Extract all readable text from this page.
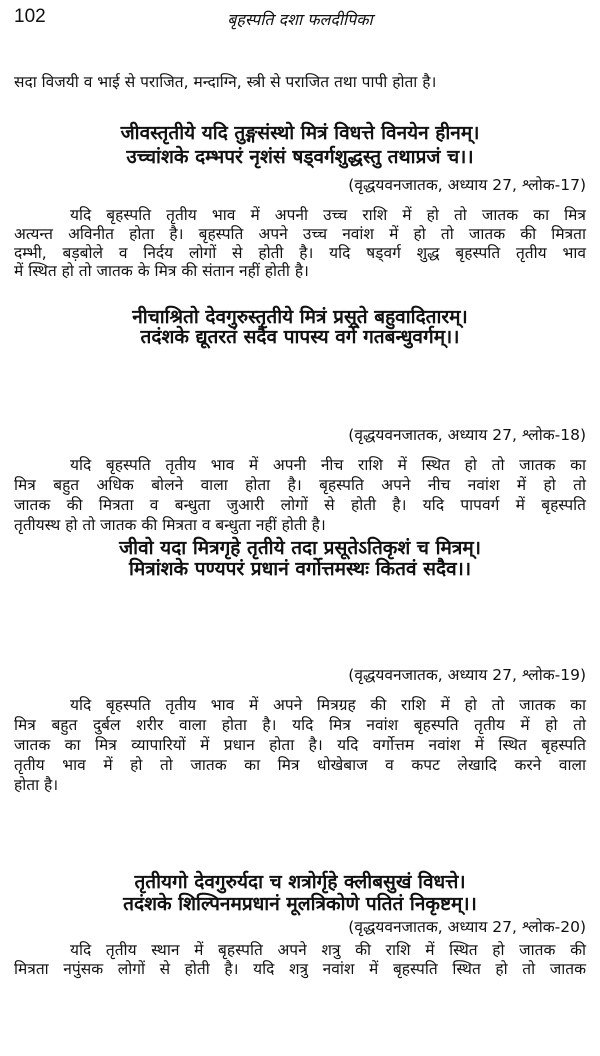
102	बृहस्पति दशा फलदीपिका
सदा विजयी व भाई से पराजित, मन्दाग्नि, स्त्री से पराजित तथा पापी होता है।
जीवस्तृतीये यदि तुङ्गसंस्थो मित्रं विधत्ते विनयेन हीनम्।
उच्चांशके दम्भपरं नृशंसं षड्वर्गशुद्धस्तु तथाप्रजं च।।
(वृद्धयवनजातक, अध्याय 27, श्लोक-17)
यदि बृहस्पति तृतीय भाव में अपनी उच्च राशि में हो तो जातक का मित्र
अत्यन्त अविनीत होता है। बृहस्पति अपने उच्च नवांश में हो तो जातक की मित्रता
दम्भी, बड़बोले व निर्दय लोगों से होती है। यदि षड्वर्ग शुद्ध बृहस्पति तृतीय भाव
में स्थित हो तो जातक के मित्र की संतान नहीं होती है।
नीचाश्रितो देवगुरुस्तृतीये मित्रं प्रसूते बहुवादितारम्।
तदंशके द्यूतरतं सदैव पापस्य वर्गे गतबन्धुवर्गम्।।
(वृद्धयवनजातक, अध्याय 27, श्लोक-18)
यदि बृहस्पति तृतीय भाव में अपनी नीच राशि में स्थित हो तो जातक का
मित्र बहुत अधिक बोलने वाला होता है। बृहस्पति अपने नीच नवांश में हो तो
जातक की मित्रता व बन्धुता जुआरी लोगों से होती है। यदि पापवर्ग में बृहस्पति
तृतीयस्थ हो तो जातक की मित्रता व बन्धुता नहीं होती है।
जीवो यदा मित्रगृहे तृतीये तदा प्रसूतेऽतिकृशं च मित्रम्।
मित्रांशके पण्यपरं प्रधानं वर्गोत्तमस्थः कितवं सदैव।।
(वृद्धयवनजातक, अध्याय 27, श्लोक-19)
यदि बृहस्पति तृतीय भाव में अपने मित्रग्रह की राशि में हो तो जातक का
मित्र बहुत दुर्बल शरीर वाला होता है। यदि मित्र नवांश बृहस्पति तृतीय में हो तो
जातक का मित्र व्यापारियों में प्रधान होता है। यदि वर्गोत्तम नवांश में स्थित बृहस्पति
तृतीय भाव में हो तो जातक का मित्र धोखेबाज व कपट लेखादि करने वाला
होता है।
तृतीयगो देवगुरुर्यदा च शत्रोर्गृहे क्लीबसुखं विधत्ते।
तदंशके शिल्पिनमप्रधानं मूलत्रिकोणे पतितं निकृष्टम्।।
(वृद्धयवनजातक, अध्याय 27, श्लोक-20)
यदि तृतीय स्थान में बृहस्पति अपने शत्रु की राशि में स्थित हो जातक की
मित्रता नपुंसक लोगों से होती है। यदि शत्रु नवांश में बृहस्पति स्थित हो तो जातक
